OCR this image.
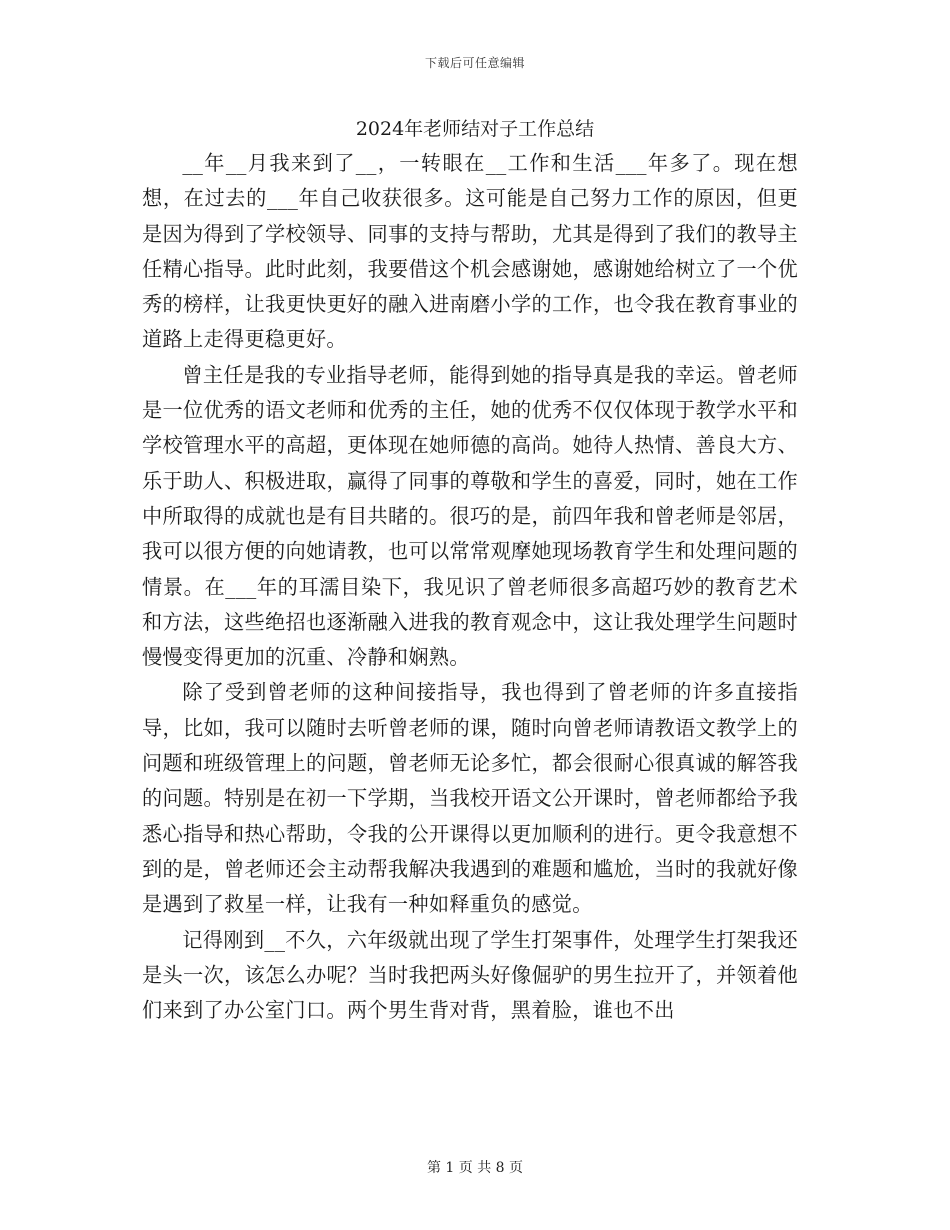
下载后可任意编辑
2024年老师结对子工作总结

__年__月我来到了__，一转眼在__工作和生活___年多了。现在想想，在过去的___年自己收获很多。这可能是自己努力工作的原因，但更是因为得到了学校领导、同事的支持与帮助，尤其是得到了我们的教导主任精心指导。此时此刻，我要借这个机会感谢她，感谢她给树立了一个优秀的榜样，让我更快更好的融入进南磨小学的工作，也令我在教育事业的道路上走得更稳更好。

曾主任是我的专业指导老师，能得到她的指导真是我的幸运。曾老师是一位优秀的语文老师和优秀的主任，她的优秀不仅仅体现于教学水平和学校管理水平的高超，更体现在她师德的高尚。她待人热情、善良大方、乐于助人、积极进取，赢得了同事的尊敬和学生的喜爱，同时，她在工作中所取得的成就也是有目共睹的。很巧的是，前四年我和曾老师是邻居，我可以很方便的向她请教，也可以常常观摩她现场教育学生和处理问题的情景。在___年的耳濡目染下，我见识了曾老师很多高超巧妙的教育艺术和方法，这些绝招也逐渐融入进我的教育观念中，这让我处理学生问题时慢慢变得更加的沉重、冷静和娴熟。

除了受到曾老师的这种间接指导，我也得到了曾老师的许多直接指导，比如，我可以随时去听曾老师的课，随时向曾老师请教语文教学上的问题和班级管理上的问题，曾老师无论多忙，都会很耐心很真诚的解答我的问题。特别是在初一下学期，当我校开语文公开课时，曾老师都给予我悉心指导和热心帮助，令我的公开课得以更加顺利的进行。更令我意想不到的是，曾老师还会主动帮我解决我遇到的难题和尴尬，当时的我就好像是遇到了救星一样，让我有一种如释重负的感觉。

记得刚到__不久，六年级就出现了学生打架事件，处理学生打架我还是头一次，该怎么办呢？当时我把两头好像倔驴的男生拉开了，并领着他们来到了办公室门口。两个男生背对背，黑着脸，谁也不出

第 1 页 共 8 页
